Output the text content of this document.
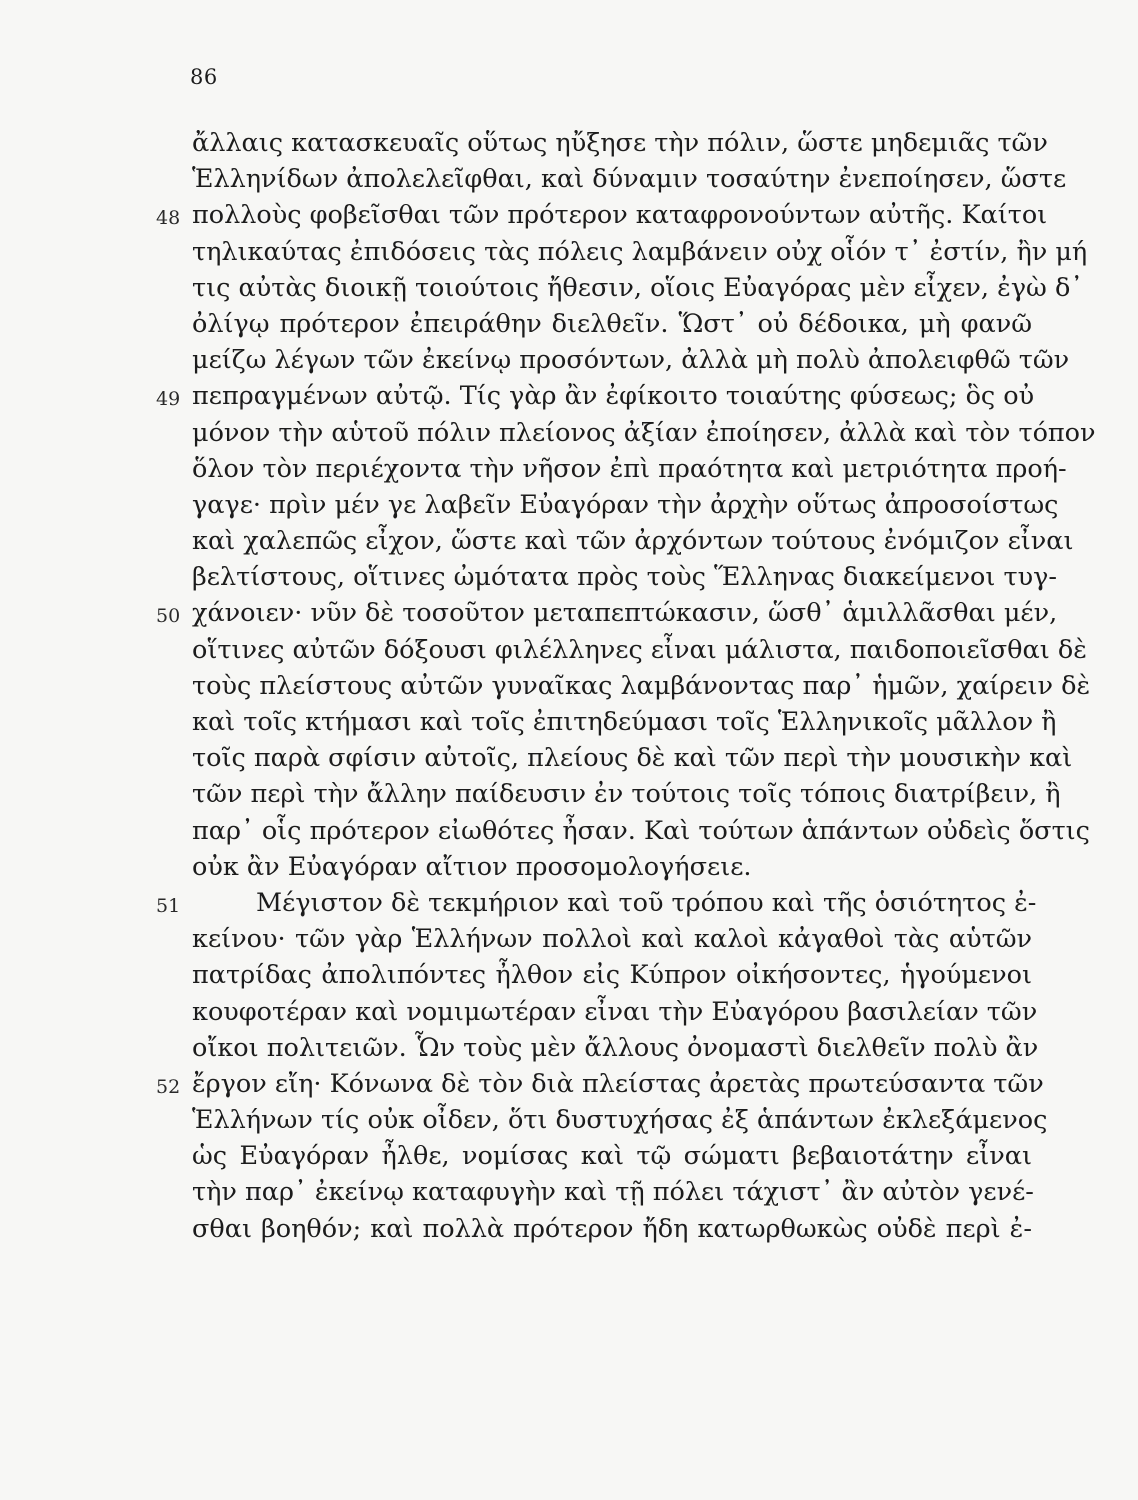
86
ἄλλαις κατασκευαῖς οὕτως ηὔξησε τὴν πόλιν, ὥστε μηδεμιᾶς τῶν
Ἑλληνίδων ἀπολελεῖφθαι, καὶ δύναμιν τοσαύτην ἐνεποίησεν, ὥστε
48 πολλοὺς φοβεῖσθαι τῶν πρότερον καταφρονούντων αὐτῆς. Καίτοι
τηλικαύτας ἐπιδόσεις τὰς πόλεις λαμβάνειν οὐχ οἷόν τ᾽ ἐστίν, ἢν μή
τις αὐτὰς διοικῇ τοιούτοις ἤθεσιν, οἵοις Εὐαγόρας μὲν εἶχεν, ἐγὼ δ᾽
ὀλίγῳ πρότερον ἐπειράθην διελθεῖν. Ὥστ᾽ οὐ δέδοικα, μὴ φανῶ
μείζω λέγων τῶν ἐκείνῳ προσόντων, ἀλλὰ μὴ πολὺ ἀπολειφθῶ τῶν
49 πεπραγμένων αὐτῷ. Τίς γὰρ ἂν ἐφίκοιτο τοιαύτης φύσεως; ὃς οὐ
μόνον τὴν αὑτοῦ πόλιν πλείονος ἀξίαν ἐποίησεν, ἀλλὰ καὶ τὸν τόπον
ὅλον τὸν περιέχοντα τὴν νῆσον ἐπὶ πραότητα καὶ μετριότητα προή-
γαγε· πρὶν μέν γε λαβεῖν Εὐαγόραν τὴν ἀρχὴν οὕτως ἀπροσοίστως
καὶ χαλεπῶς εἶχον, ὥστε καὶ τῶν ἀρχόντων τούτους ἐνόμιζον εἶναι
βελτίστους, οἵτινες ὠμότατα πρὸς τοὺς Ἕλληνας διακείμενοι τυγ-
50 χάνοιεν· νῦν δὲ τοσοῦτον μεταπεπτώκασιν, ὥσθ᾽ ἁμιλλᾶσθαι μέν,
οἵτινες αὐτῶν δόξουσι φιλέλληνες εἶναι μάλιστα, παιδοποιεῖσθαι δὲ
τοὺς πλείστους αὐτῶν γυναῖκας λαμβάνοντας παρ᾽ ἡμῶν, χαίρειν δὲ
καὶ τοῖς κτήμασι καὶ τοῖς ἐπιτηδεύμασι τοῖς Ἑλληνικοῖς μᾶλλον ἢ
τοῖς παρὰ σφίσιν αὐτοῖς, πλείους δὲ καὶ τῶν περὶ τὴν μουσικὴν καὶ
τῶν περὶ τὴν ἄλλην παίδευσιν ἐν τούτοις τοῖς τόποις διατρίβειν, ἢ
παρ᾽ οἷς πρότερον εἰωθότες ἦσαν. Καὶ τούτων ἁπάντων οὐδεὶς ὅστις
οὐκ ἂν Εὐαγόραν αἴτιον προσομολογήσειε.
51	Μέγιστον δὲ τεκμήριον καὶ τοῦ τρόπου καὶ τῆς ὁσιότητος ἐ-
κείνου· τῶν γὰρ Ἑλλήνων πολλοὶ καὶ καλοὶ κἀγαθοὶ τὰς αὑτῶν
πατρίδας ἀπολιπόντες ἦλθον εἰς Κύπρον οἰκήσοντες, ἡγούμενοι
κουφοτέραν καὶ νομιμωτέραν εἶναι τὴν Εὐαγόρου βασιλείαν τῶν
οἴκοι πολιτειῶν. Ὧν τοὺς μὲν ἄλλους ὀνομαστὶ διελθεῖν πολὺ ἂν
52 ἔργον εἴη· Κόνωνα δὲ τὸν διὰ πλείστας ἀρετὰς πρωτεύσαντα τῶν
Ἑλλήνων τίς οὐκ οἶδεν, ὅτι δυστυχήσας ἐξ ἁπάντων ἐκλεξάμενος
ὡς Εὐαγόραν ἦλθε, νομίσας καὶ τῷ σώματι βεβαιοτάτην εἶναι
τὴν παρ᾽ ἐκείνῳ καταφυγὴν καὶ τῇ πόλει τάχιστ᾽ ἂν αὐτὸν γενέ-
σθαι βοηθόν; καὶ πολλὰ πρότερον ἤδη κατωρθωκὼς οὐδὲ περὶ ἐ-
